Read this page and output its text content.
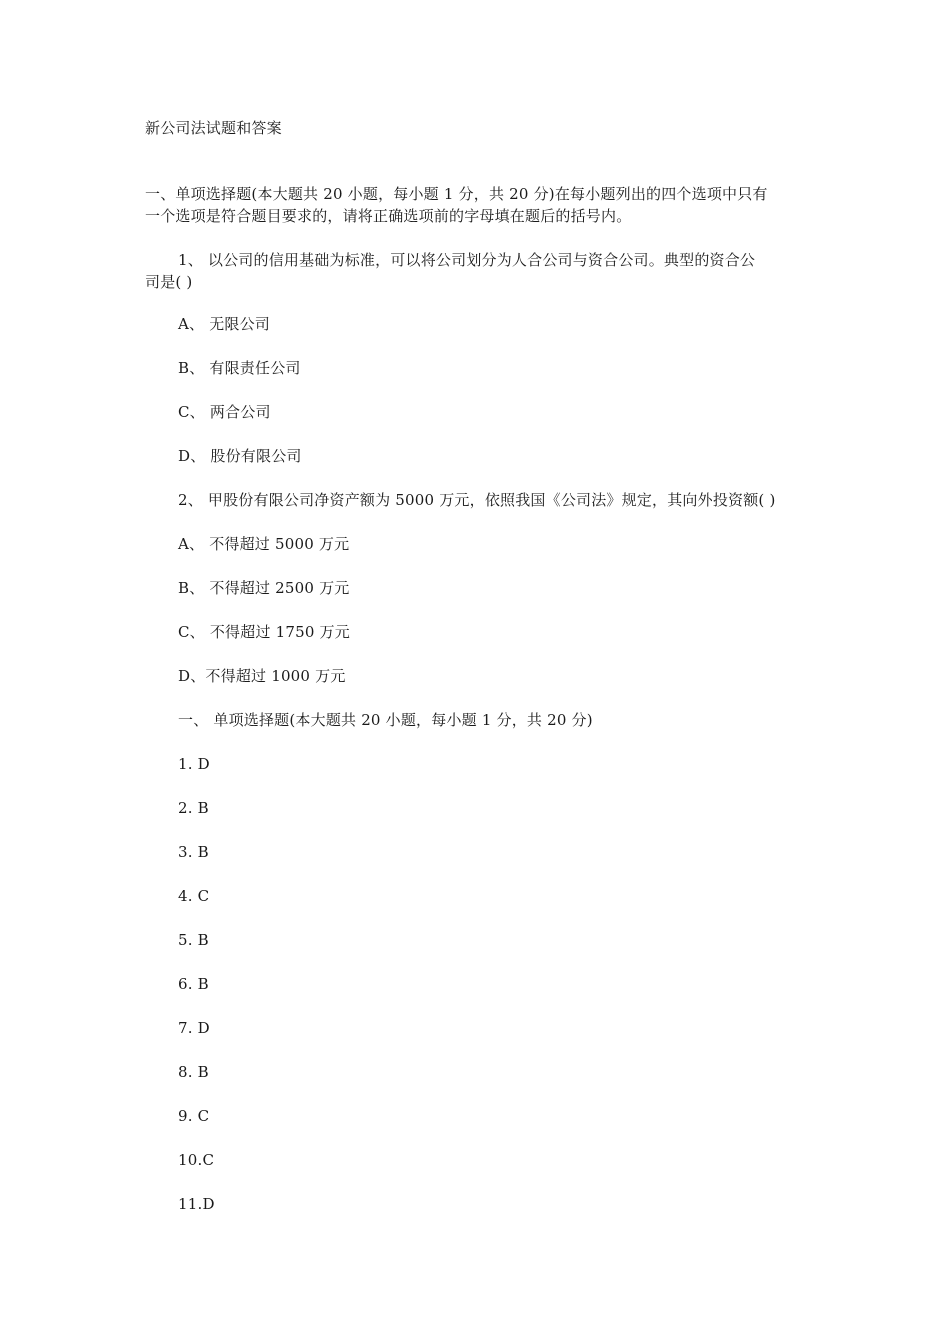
新公司法试题和答案
一、单项选择题(本大题共 20 小题，每小题 1 分，共 20 分)在每小题列出的四个选项中只有
一个选项是符合题目要求的，请将正确选项前的字母填在题后的括号内。
1、 以公司的信用基础为标准，可以将公司划分为人合公司与资合公司。典型的资合公
司是( )
A、 无限公司
B、 有限责任公司
C、 两合公司
D、 股份有限公司
2、 甲股份有限公司净资产额为 5000 万元，依照我国《公司法》规定，其向外投资额( )
A、 不得超过 5000 万元
B、 不得超过 2500 万元
C、 不得超过 1750 万元
D、不得超过 1000 万元
一、 单项选择题(本大题共 20 小题，每小题 1 分，共 20 分)
1. D
2. B
3. B
4. C
5. B
6. B
7. D
8. B
9. C
10.C
11.D
